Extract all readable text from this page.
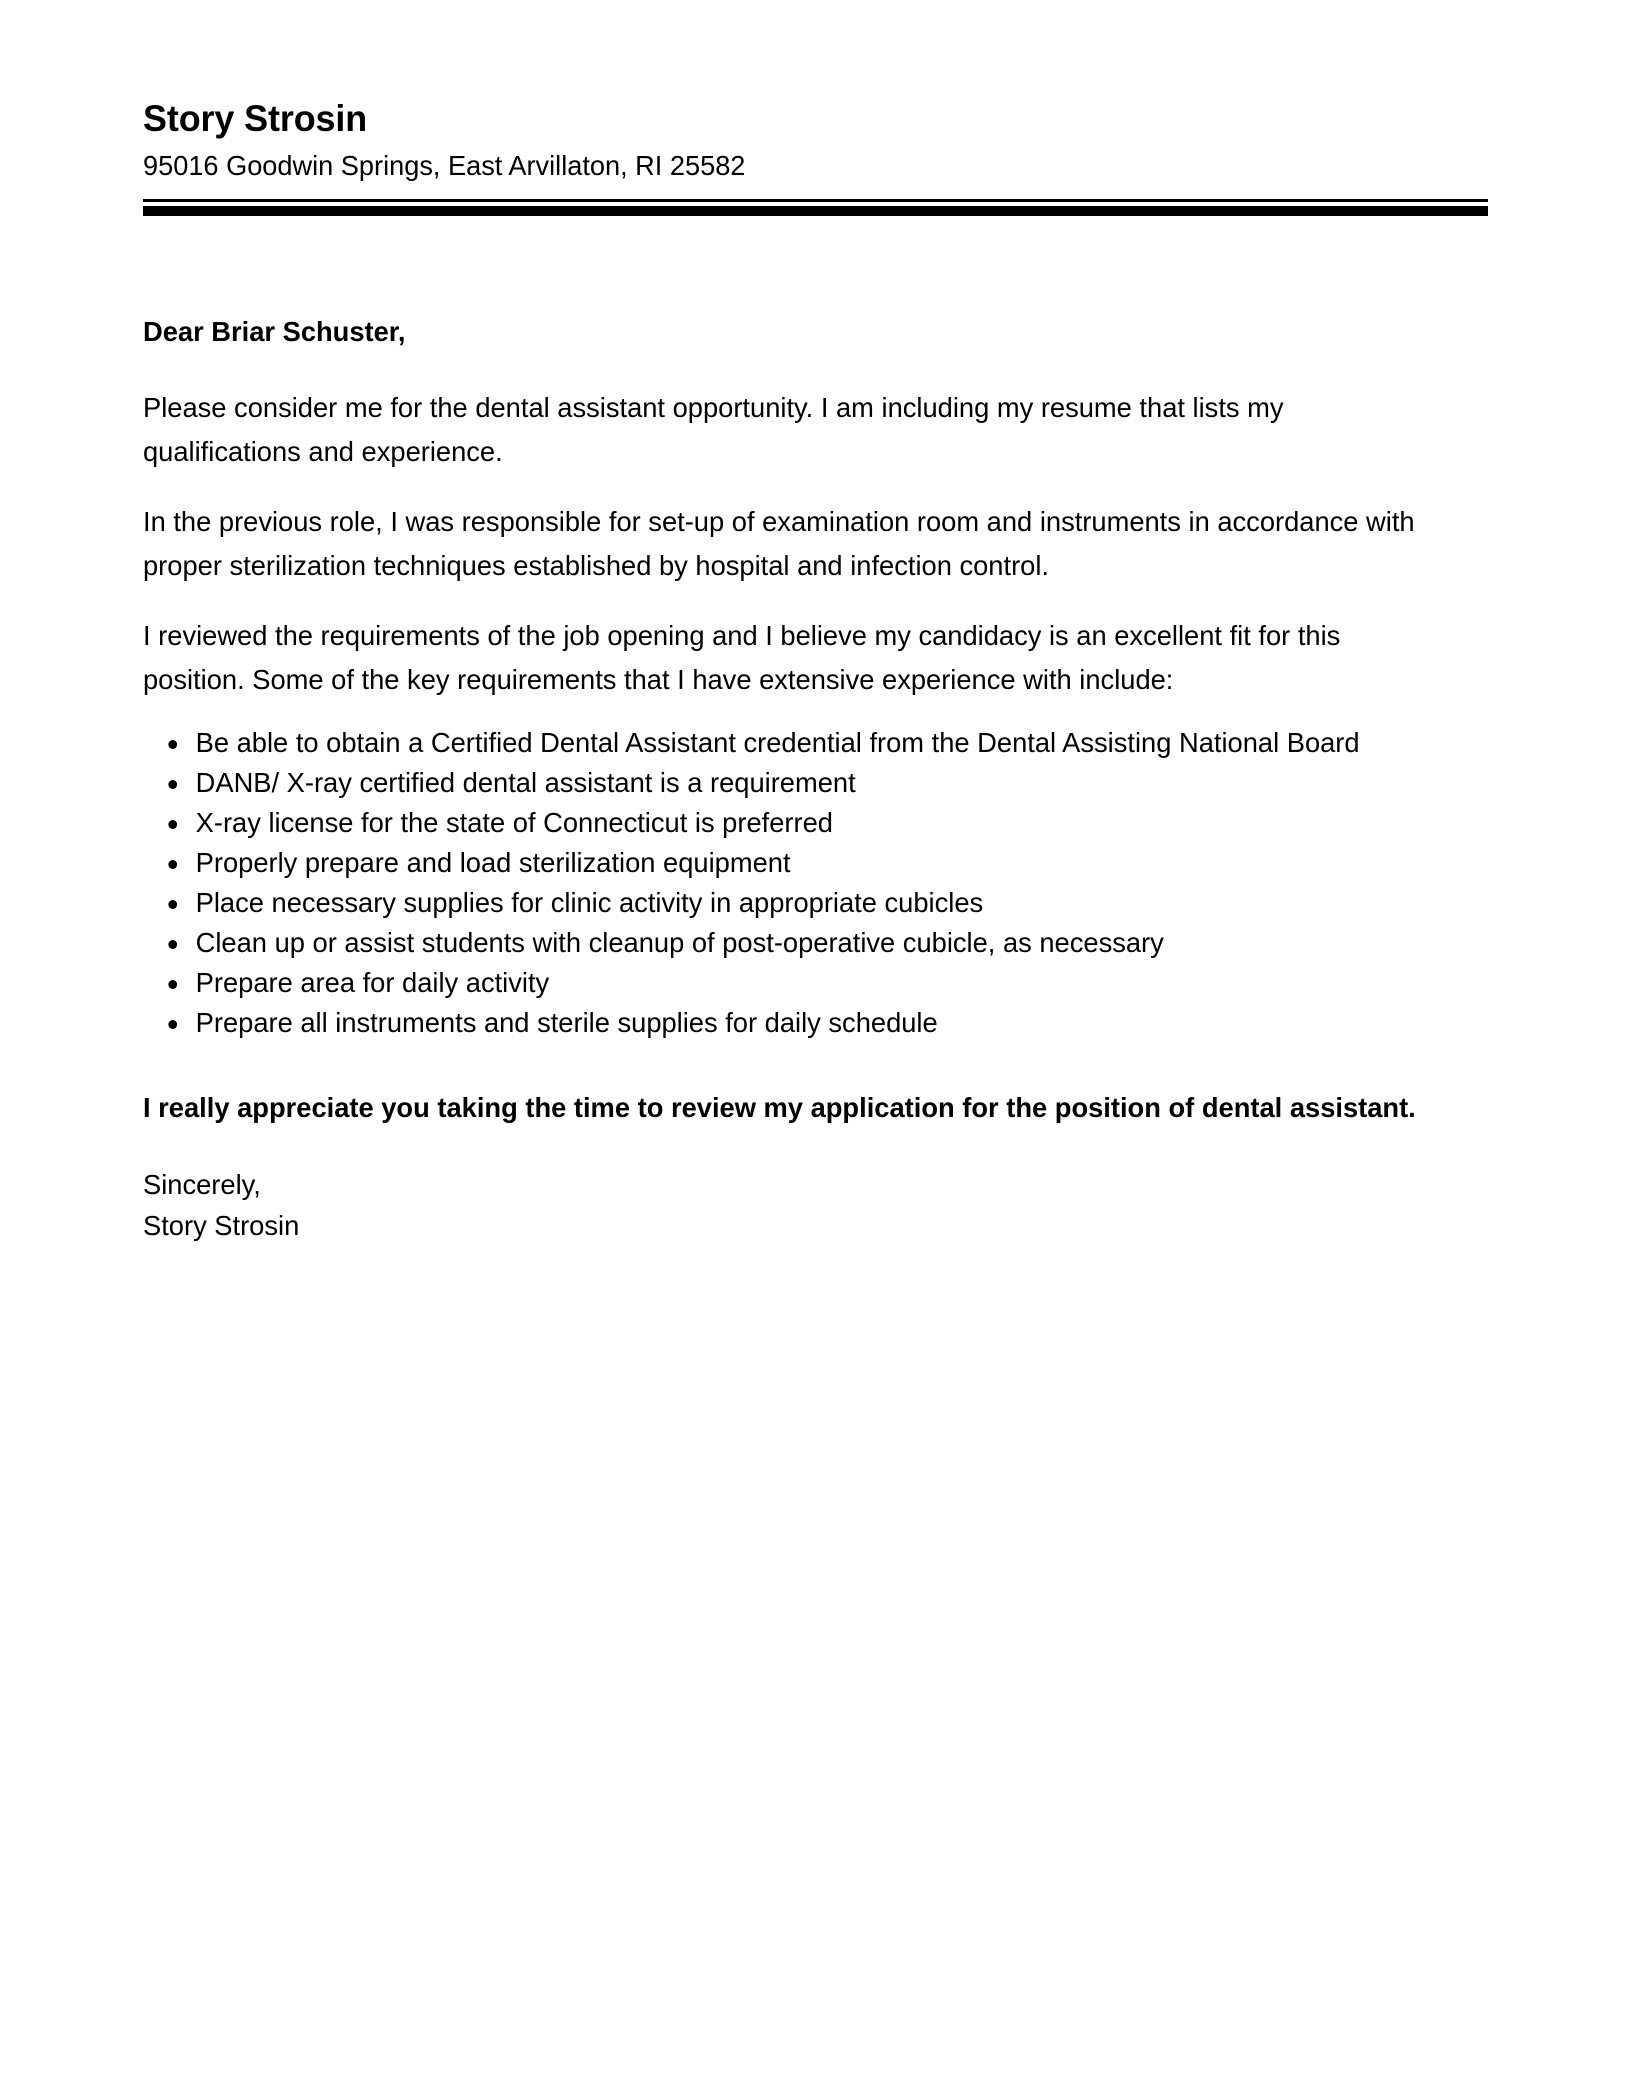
Story Strosin

95016 Goodwin Springs, East Arvillaton, RI 25582

Dear Briar Schuster,

Please consider me for the dental assistant opportunity. I am including my resume that lists my qualifications and experience.

In the previous role, I was responsible for set-up of examination room and instruments in accordance with proper sterilization techniques established by hospital and infection control.

I reviewed the requirements of the job opening and I believe my candidacy is an excellent fit for this position. Some of the key requirements that I have extensive experience with include:

Be able to obtain a Certified Dental Assistant credential from the Dental Assisting National Board
DANB/ X-ray certified dental assistant is a requirement
X-ray license for the state of Connecticut is preferred
Properly prepare and load sterilization equipment
Place necessary supplies for clinic activity in appropriate cubicles
Clean up or assist students with cleanup of post-operative cubicle, as necessary
Prepare area for daily activity
Prepare all instruments and sterile supplies for daily schedule

I really appreciate you taking the time to review my application for the position of dental assistant.

Sincerely,

Story Strosin
